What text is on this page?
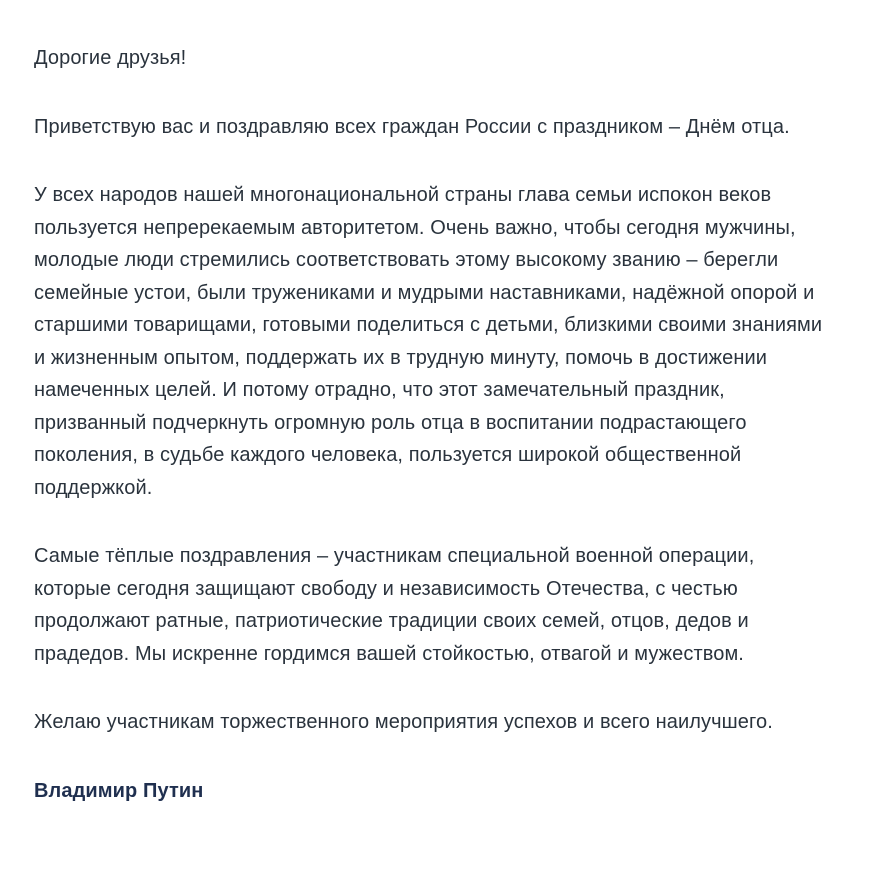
Дорогие друзья!

Приветствую вас и поздравляю всех граждан России с праздником – Днём отца.

У всех народов нашей многонациональной страны глава семьи испокон веков пользуется непререкаемым авторитетом. Очень важно, чтобы сегодня мужчины, молодые люди стремились соответствовать этому высокому званию – берегли семейные устои, были тружениками и мудрыми наставниками, надёжной опорой и старшими товарищами, готовыми поделиться с детьми, близкими своими знаниями и жизненным опытом, поддержать их в трудную минуту, помочь в достижении намеченных целей. И потому отрадно, что этот замечательный праздник, призванный подчеркнуть огромную роль отца в воспитании подрастающего поколения, в судьбе каждого человека, пользуется широкой общественной поддержкой.

Самые тёплые поздравления – участникам специальной военной операции, которые сегодня защищают свободу и независимость Отечества, с честью продолжают ратные, патриотические традиции своих семей, отцов, дедов и прадедов. Мы искренне гордимся вашей стойкостью, отвагой и мужеством.

Желаю участникам торжественного мероприятия успехов и всего наилучшего.

Владимир Путин
